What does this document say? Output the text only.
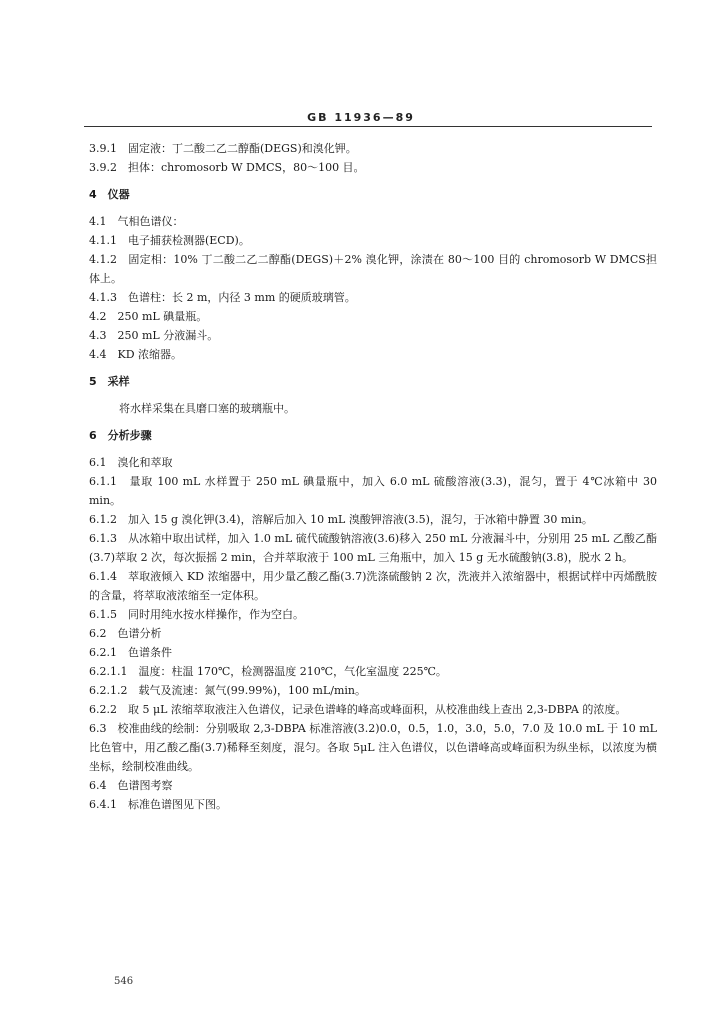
GB 11936—89

3.9.1　固定液：丁二酸二乙二醇酯(DEGS)和溴化钾。

3.9.2　担体：chromosorb W DMCS，80～100 目。

4　仪器

4.1　气相色谱仪：

4.1.1　电子捕获检测器(ECD)。

4.1.2　固定相：10% 丁二酸二乙二醇酯(DEGS)＋2% 溴化钾，涂渍在 80～100 目的 chromosorb W DMCS担体上。

4.1.3　色谱柱：长 2 m，内径 3 mm 的硬质玻璃管。

4.2　250 mL 碘量瓶。

4.3　250 mL 分液漏斗。

4.4　KD 浓缩器。

5　采样

将水样采集在具磨口塞的玻璃瓶中。

6　分析步骤

6.1　溴化和萃取

6.1.1　量取 100 mL 水样置于 250 mL 碘量瓶中，加入 6.0 mL 硫酸溶液(3.3)，混匀，置于 4℃冰箱中 30 min。

6.1.2　加入 15 g 溴化钾(3.4)，溶解后加入 10 mL 溴酸钾溶液(3.5)，混匀，于冰箱中静置 30 min。

6.1.3　从冰箱中取出试样，加入 1.0 mL 硫代硫酸钠溶液(3.6)移入 250 mL 分液漏斗中，分别用 25 mL 乙酸乙酯(3.7)萃取 2 次，每次振摇 2 min，合并萃取液于 100 mL 三角瓶中，加入 15 g 无水硫酸钠(3.8)，脱水 2 h。

6.1.4　萃取液倾入 KD 浓缩器中，用少量乙酸乙酯(3.7)洗涤硫酸钠 2 次，洗液并入浓缩器中，根据试样中丙烯酰胺的含量，将萃取液浓缩至一定体积。

6.1.5　同时用纯水按水样操作，作为空白。

6.2　色谱分析

6.2.1　色谱条件

6.2.1.1　温度：柱温 170℃，检测器温度 210℃，气化室温度 225℃。

6.2.1.2　载气及流速：氮气(99.99%)，100 mL/min。

6.2.2　取 5 μL 浓缩萃取液注入色谱仪，记录色谱峰的峰高或峰面积，从校准曲线上查出 2,3-DBPA 的浓度。

6.3　校准曲线的绘制：分别吸取 2,3-DBPA 标准溶液(3.2)0.0，0.5，1.0，3.0，5.0，7.0 及 10.0 mL 于 10 mL 比色管中，用乙酸乙酯(3.7)稀释至刻度，混匀。各取 5μL 注入色谱仪，以色谱峰高或峰面积为纵坐标，以浓度为横坐标，绘制校准曲线。

6.4　色谱图考察

6.4.1　标准色谱图见下图。

546
